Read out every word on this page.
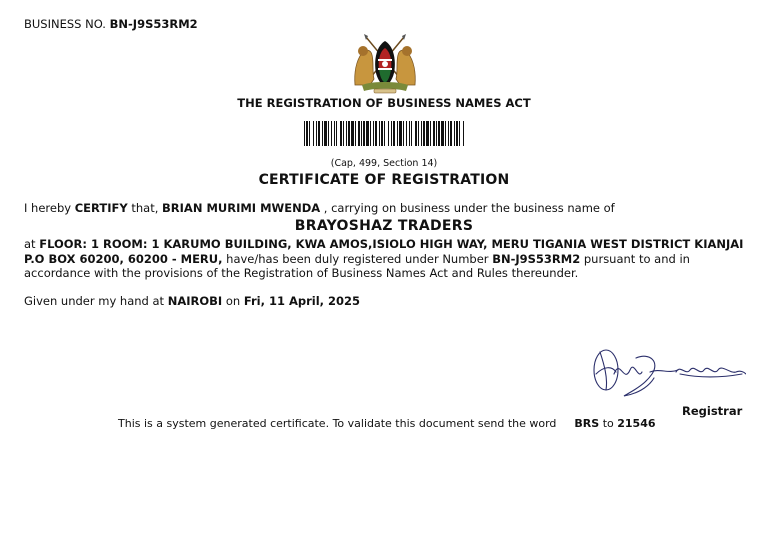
BUSINESS NO. BN-J9S53RM2
THE REGISTRATION OF BUSINESS NAMES ACT
(Cap, 499, Section 14)
CERTIFICATE OF REGISTRATION
I hereby CERTIFY that, BRIAN MURIMI MWENDA , carrying on business under the business name of
BRAYOSHAZ TRADERS
at FLOOR: 1 ROOM: 1 KARUMO BUILDING, KWA AMOS,ISIOLO HIGH WAY, MERU TIGANIA WEST DISTRICT KIANJAI P.O BOX 60200, 60200 - MERU, have/has been duly registered under Number BN-J9S53RM2 pursuant to and in accordance with the provisions of the Registration of Business Names Act and Rules thereunder.
Given under my hand at NAIROBI on Fri, 11 April, 2025
Registrar
This is a system generated certificate. To validate this document send the word BRS to 21546
